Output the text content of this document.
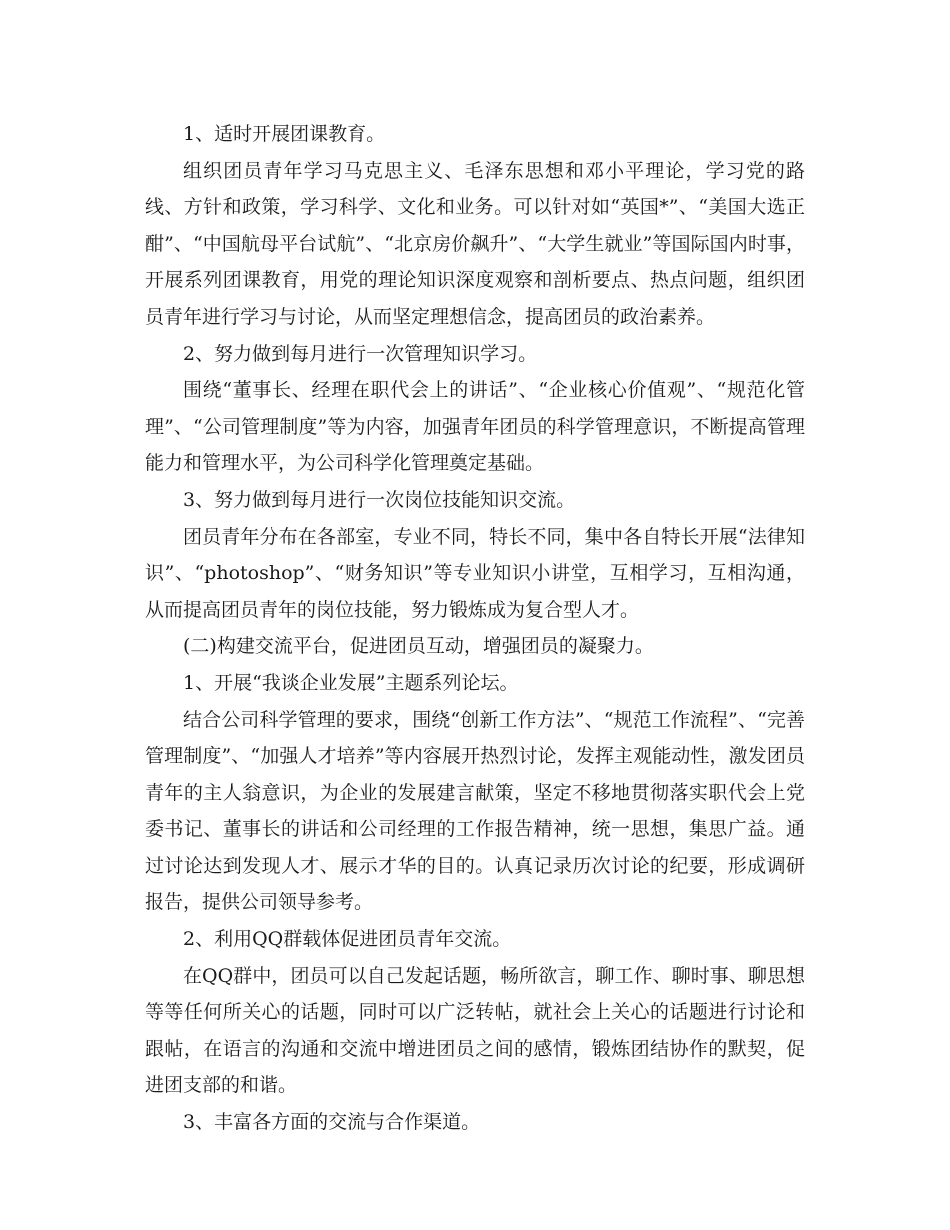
1、适时开展团课教育。

组织团员青年学习马克思主义、毛泽东思想和邓小平理论，学习党的路线、方针和政策，学习科学、文化和业务。可以针对如“英国*”、“美国大选正酣”、“中国航母平台试航”、“北京房价飙升”、“大学生就业”等国际国内时事，开展系列团课教育，用党的理论知识深度观察和剖析要点、热点问题，组织团员青年进行学习与讨论，从而坚定理想信念，提高团员的政治素养。

2、努力做到每月进行一次管理知识学习。

围绕“董事长、经理在职代会上的讲话”、“企业核心价值观”、“规范化管理”、“公司管理制度”等为内容，加强青年团员的科学管理意识，不断提高管理能力和管理水平，为公司科学化管理奠定基础。

3、努力做到每月进行一次岗位技能知识交流。

团员青年分布在各部室，专业不同，特长不同，集中各自特长开展“法律知识”、“photoshop”、“财务知识”等专业知识小讲堂，互相学习，互相沟通，从而提高团员青年的岗位技能，努力锻炼成为复合型人才。

(二)构建交流平台，促进团员互动，增强团员的凝聚力。

1、开展“我谈企业发展”主题系列论坛。

结合公司科学管理的要求，围绕“创新工作方法”、“规范工作流程”、“完善管理制度”、“加强人才培养”等内容展开热烈讨论，发挥主观能动性，激发团员青年的主人翁意识，为企业的发展建言献策，坚定不移地贯彻落实职代会上党委书记、董事长的讲话和公司经理的工作报告精神，统一思想，集思广益。通过讨论达到发现人才、展示才华的目的。认真记录历次讨论的纪要，形成调研报告，提供公司领导参考。

2、利用QQ群载体促进团员青年交流。

在QQ群中，团员可以自己发起话题，畅所欲言，聊工作、聊时事、聊思想等等任何所关心的话题，同时可以广泛转帖，就社会上关心的话题进行讨论和跟帖，在语言的沟通和交流中增进团员之间的感情，锻炼团结协作的默契，促进团支部的和谐。

3、丰富各方面的交流与合作渠道。
